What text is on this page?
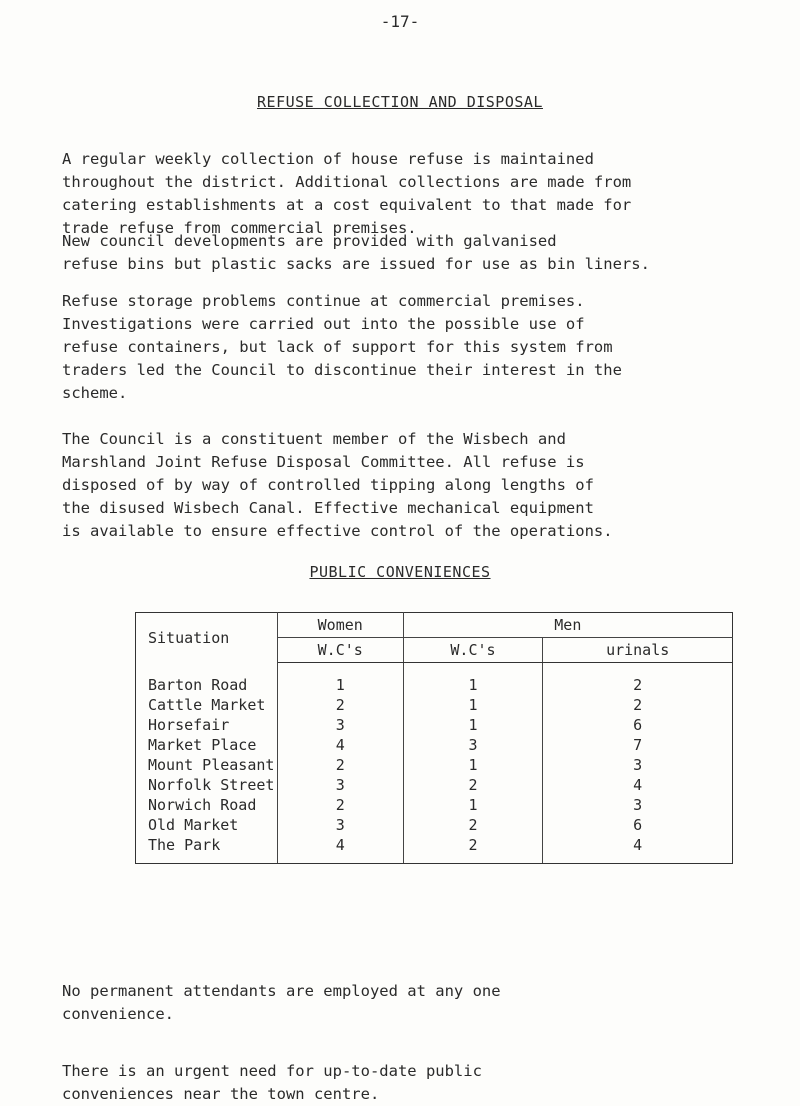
-17-
REFUSE COLLECTION AND DISPOSAL

A regular weekly collection of house refuse is maintained
throughout the district. Additional collections are made from
catering establishments at a cost equivalent to that made for
trade refuse from commercial premises.

New council developments are provided with galvanised
refuse bins but plastic sacks are issued for use as bin liners.

Refuse storage problems continue at commercial premises.
Investigations were carried out into the possible use of
refuse containers, but lack of support for this system from
traders led the Council to discontinue their interest in the
scheme.

The Council is a constituent member of the Wisbech and
Marshland Joint Refuse Disposal Committee. All refuse is
disposed of by way of controlled tipping along lengths of
the disused Wisbech Canal. Effective mechanical equipment
is available to ensure effective control of the operations.

PUBLIC CONVENIENCES
Situation	Women	Men	
	W.C's	W.C's	urinals
Barton Road	1	1	2
Cattle Market	2	1	2
Horsefair	3	1	6
Market Place	4	3	7
Mount Pleasant	2	1	3
Norfolk Street	3	2	4
Norwich Road	2	1	3
Old Market	3	2	6
The Park	4	2	4

No permanent attendants are employed at any one
convenience.

There is an urgent need for up-to-date public
conveniences near the town centre.
